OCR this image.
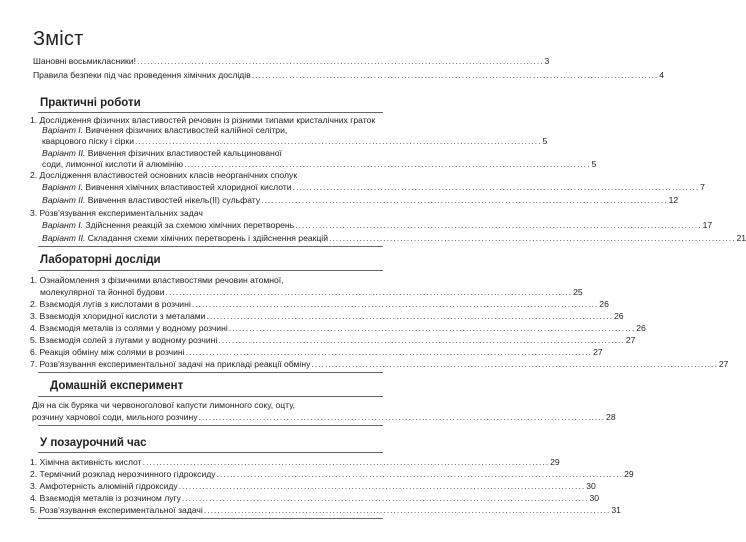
Зміст
Шановні восьмикласники! ........................................................................................................................ 3
Правила безпеки під час проведення хімічних дослідів ........................................................................................................................ 4
Практичні роботи
1. Дослідження фізичних властивостей речовин із різними типами кристалічних граток
Варіант І. Вивчення фізичних властивостей калійної селітри,
кварцового піску і сірки ........................................................................................................................ 5
Варіант ІІ. Вивчення фізичних властивостей кальцинованої
соди, лимонної кислоти й алюмінію ........................................................................................................................ 5
2. Дослідження властивостей основних класів неорганічних сполук
Варіант І. Вивчення хімічних властивостей хлоридної кислоти ........................................................................................................................ 7
Варіант ІІ. Вивчення властивостей нікель(ІІ) сульфату ........................................................................................................................ 12
3. Розв'язування експериментальних задач
Варіант І. Здійснення реакцій за схемою хімічних перетворень ........................................................................................................................ 17
Варіант ІІ. Складання схеми хімічних перетворень і здійснення реакцій ........................................................................................................................ 21
Лабораторні досліди
1. Ознайомлення з фізичними властивостями речовин атомної,
молекулярної та йонної будови ........................................................................................................................ 25
2. Взаємодія лугів з кислотами в розчині ........................................................................................................................ 26
3. Взаємодія хлоридної кислоти з металами ........................................................................................................................ 26
4. Взаємодія металів із солями у водному розчині ........................................................................................................................ 26
5. Взаємодія солей з лугами у водному розчині ........................................................................................................................ 27
6. Реакція обміну між солями в розчині ........................................................................................................................ 27
7. Розв'язування експериментальної задачі на прикладі реакції обміну ........................................................................................................................ 27
Домашній експеримент
Дія на сік буряка чи червоноголової капусти лимонного соку, оцту,
розчину харчової соди, мильного розчину ........................................................................................................................ 28
У позаурочний час
1. Хімічна активність кислот ........................................................................................................................ 29
2. Термічний розклад нерозчинного гідроксиду ........................................................................................................................ 29
3. Амфотерність алюміній гідроксиду ........................................................................................................................ 30
4. Взаємодія металів із розчином лугу ........................................................................................................................ 30
5. Розв'язування експериментальної задачі ........................................................................................................................ 31
